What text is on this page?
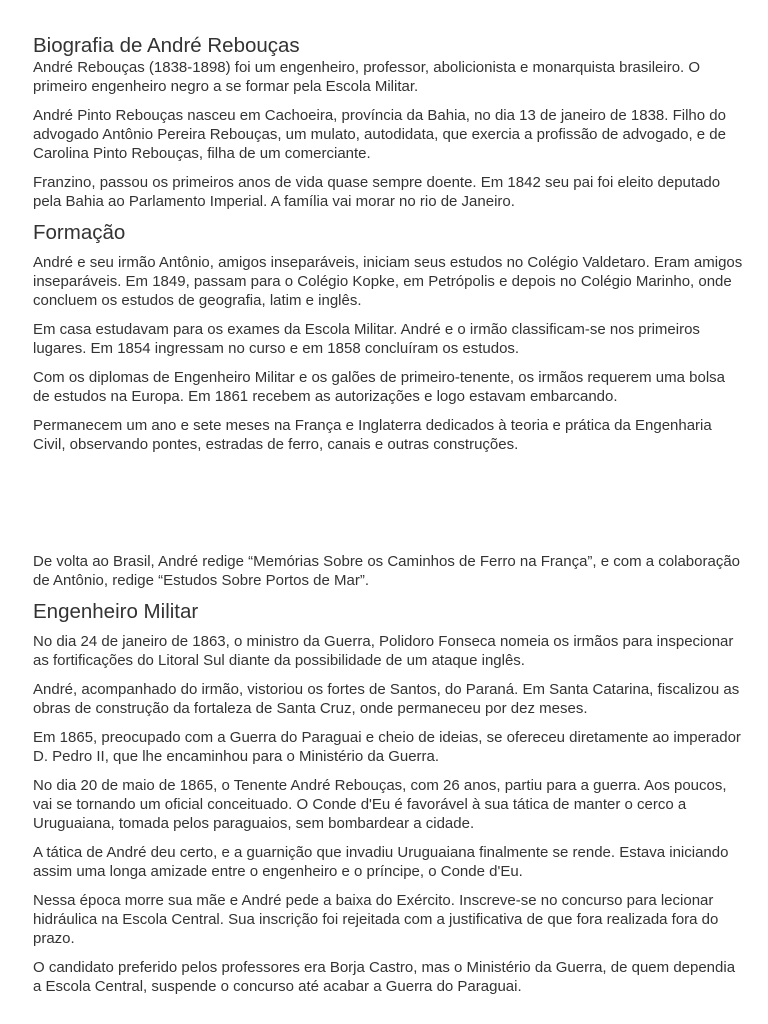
Biografia de André Rebouças

André Rebouças (1838-1898) foi um engenheiro, professor, abolicionista e monarquista brasileiro. O primeiro engenheiro negro a se formar pela Escola Militar.

André Pinto Rebouças nasceu em Cachoeira, província da Bahia, no dia 13 de janeiro de 1838. Filho do advogado Antônio Pereira Rebouças, um mulato, autodidata, que exercia a profissão de advogado, e de Carolina Pinto Rebouças, filha de um comerciante.

Franzino, passou os primeiros anos de vida quase sempre doente. Em 1842 seu pai foi eleito deputado pela Bahia ao Parlamento Imperial. A família vai morar no rio de Janeiro.

Formação

André e seu irmão Antônio, amigos inseparáveis, iniciam seus estudos no Colégio Valdetaro. Eram amigos inseparáveis. Em 1849, passam para o Colégio Kopke, em Petrópolis e depois no Colégio Marinho, onde concluem os estudos de geografia, latim e inglês.

Em casa estudavam para os exames da Escola Militar. André e o irmão classificam-se nos primeiros lugares. Em 1854 ingressam no curso e em 1858 concluíram os estudos.

Com os diplomas de Engenheiro Militar e os galões de primeiro-tenente, os irmãos requerem uma bolsa de estudos na Europa. Em 1861 recebem as autorizações e logo estavam embarcando.

Permanecem um ano e sete meses na França e Inglaterra dedicados à teoria e prática da Engenharia Civil, observando pontes, estradas de ferro, canais e outras construções.

De volta ao Brasil, André redige “Memórias Sobre os Caminhos de Ferro na França”, e com a colaboração de Antônio, redige “Estudos Sobre Portos de Mar”.

Engenheiro Militar

No dia 24 de janeiro de 1863, o ministro da Guerra, Polidoro Fonseca nomeia os irmãos para inspecionar as fortificações do Litoral Sul diante da possibilidade de um ataque inglês.

André, acompanhado do irmão, vistoriou os fortes de Santos, do Paraná. Em Santa Catarina, fiscalizou as obras de construção da fortaleza de Santa Cruz, onde permaneceu por dez meses.

Em 1865, preocupado com a Guerra do Paraguai e cheio de ideias, se ofereceu diretamente ao imperador D. Pedro II, que lhe encaminhou para o Ministério da Guerra.

No dia 20 de maio de 1865, o Tenente André Rebouças, com 26 anos, partiu para a guerra. Aos poucos, vai se tornando um oficial conceituado. O Conde d'Eu é favorável à sua tática de manter o cerco a Uruguaiana, tomada pelos paraguaios, sem bombardear a cidade.

A tática de André deu certo, e a guarnição que invadiu Uruguaiana finalmente se rende. Estava iniciando assim uma longa amizade entre o engenheiro e o príncipe, o Conde d'Eu.

Nessa época morre sua mãe e André pede a baixa do Exército. Inscreve-se no concurso para lecionar hidráulica na Escola Central. Sua inscrição foi rejeitada com a justificativa de que fora realizada fora do prazo.

O candidato preferido pelos professores era Borja Castro, mas o Ministério da Guerra, de quem dependia a Escola Central, suspende o concurso até acabar a Guerra do Paraguai.
